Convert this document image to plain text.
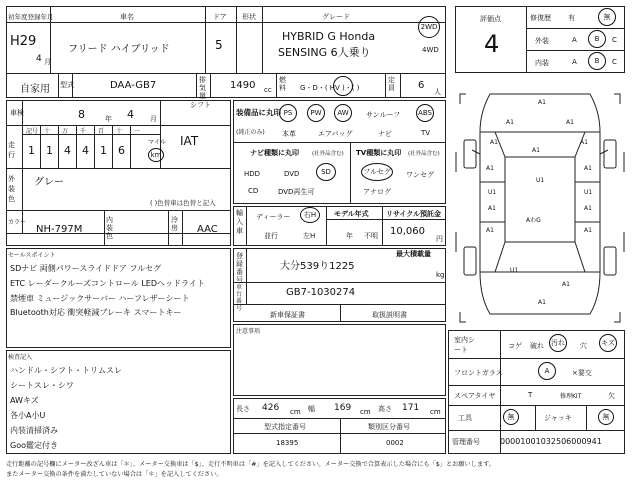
初年度登録年月
H29
4 月
車名
フリード ハイブリッド
ドア
5
形状	グレード
HYBRID G Honda
SENSING 6人乗り
2WD
4WD
自家用 型式	DAA-GB7	排気量
1490 cc
燃料	G・D・( HV )・( )
定員	6
人
評価点
4
修復歴 有	無
外装	A	B C
内装	A	B C
車検	8	年 4 月
シフト
IAT
走行
記号 十 万 千 百 十 一
1 1 4 4 1 6
マイル
km
外装色
グレー
( )色替車は色替と記入
カラー
NH-797M
内装色
冷房	AAC
装備品に丸印
(純正のみ)
PS	PW AW サンルーフ	ABS
本革	エアバッグ	ナビ	TV
ナビ種類に丸印 (社外品含む)
HDD	DVD	SD
CD	DVD再生可
TV種類に丸印 (社外品含む)
フルセグ ワンセグ
アナログ
輸入車
ディーラー 右H
並行	左H
モデル年式
年 不明
リサイクル預託金
10,060
円
セールスポイント
SDナビ 両側パワースライドドア フルセグ
ETC レーダークルーズコントロール LEDヘッドライト
禁煙車 ミュージックサーバー ハーフレザーシート
Bluetooth対応 衝突軽減ブレーキ スマートキー
最大積載量
kg
登録番号
大分539り1225
車台番号
GB7-1030274
新車保証書	取扱説明書
注意事項
検査記入
ハンドル・シフト・トリムスレ
シートスレ・シワ
AWキズ
各小A小U
内装清掃済み
Goo鑑定付き
長さ 426 cm 幅 169 cm 高さ 171 cm
型式指定番号
18395
類別区分番号
0002
室内シート	コゲ 破れ 汚れ 穴 キズ
フロントガラス	A	×要交
スペアタイヤ	T	修理KIT	欠
工具	無	ジャッキ	無
管理番号	0000100103250600094​1
A1
A1	A1
A1	A1
A1	A1
A1
U1
U1	U1
A1	A1
U1
A1	A1
A1
AわG
A1
走行距離の記号欄にメーター改ざん車は「＊」、メーター交換車は「$」、走行不明車は「#」を記入してください。メーター交換で合算表示した場合にも「$」とお願いします。
またメーター交換の条件を満たしていない場合は「＊」を記入してください。
